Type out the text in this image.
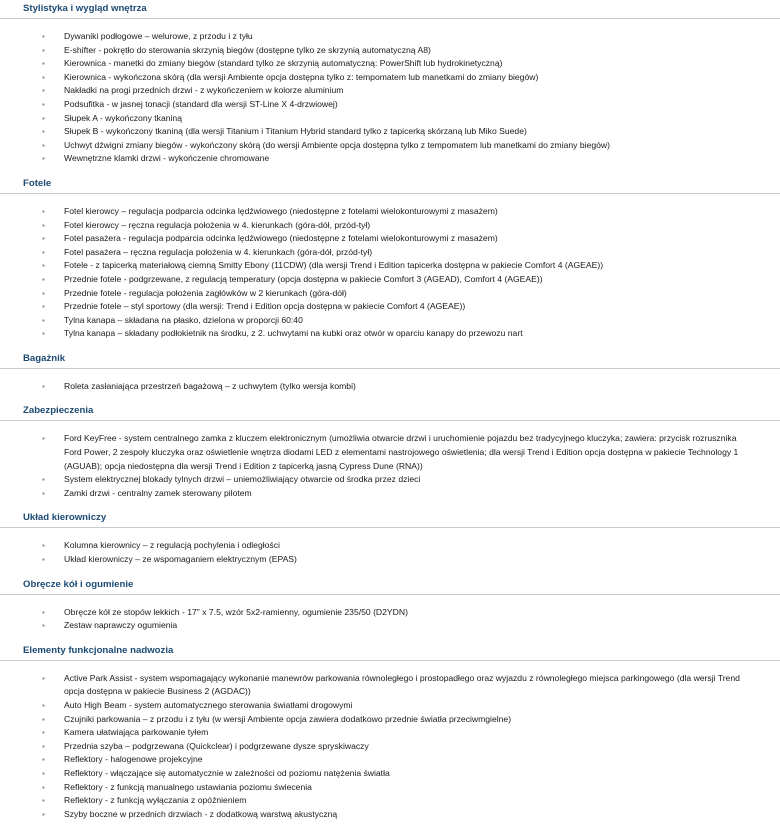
Stylistyka i wygląd wnętrza
▪ Dywaniki podłogowe – welurowe, z przodu i z tyłu
▪ E-shifter - pokrętło do sterowania skrzynią biegów (dostępne tylko ze skrzynią automatyczną A8)
▪ Kierownica - manetki do zmiany biegów (standard tylko ze skrzynią automatyczną: PowerShift lub hydrokinetyczną)
▪ Kierownica - wykończona skórą (dla wersji Ambiente opcja dostępna tylko z: tempomatem lub manetkami do zmiany biegów)
▪ Nakładki na progi przednich drzwi - z wykończeniem w kolorze aluminium
▪ Podsufitka - w jasnej tonacji (standard dla wersji ST-Line X 4-drzwiowej)
▪ Słupek A - wykończony tkaniną
▪ Słupek B - wykończony tkaniną (dla wersji Titanium i Titanium Hybrid standard tylko z tapicerką skórzaną lub Miko Suede)
▪ Uchwyt dźwigni zmiany biegów - wykończony skórą (do wersji Ambiente opcja dostępna tylko z tempomatem lub manetkami do zmiany biegów)
▪ Wewnętrzne klamki drzwi - wykończenie chromowane
Fotele
▪ Fotel kierowcy – regulacja podparcia odcinka lędźwiowego (niedostępne z fotelami wielokonturowymi z masażem)
▪ Fotel kierowcy – ręczna regulacja położenia w 4. kierunkach (góra-dół, przód-tył)
▪ Fotel pasażera - regulacja podparcia odcinka lędźwiowego (niedostępne z fotelami wielokonturowymi z masażem)
▪ Fotel pasażera – ręczna regulacja położenia w 4. kierunkach (góra-dół, przód-tył)
▪ Fotele - z tapicerką materiałową ciemną Smitty Ebony (11CDW) (dla wersji Trend i Edition tapicerka dostępna w pakiecie Comfort 4 (AGEAE))
▪ Przednie fotele - podgrzewane, z regulacją temperatury (opcja dostępna w pakiecie Comfort 3 (AGEAD), Comfort 4 (AGEAE))
▪ Przednie fotele - regulacja położenia zagłówków w 2 kierunkach (góra-dół)
▪ Przednie fotele – styl sportowy (dla wersji: Trend i Edition opcja dostępna w pakiecie Comfort 4 (AGEAE))
▪ Tylna kanapa – składana na płasko, dzielona w proporcji 60:40
▪ Tylna kanapa – składany podłokietnik na środku, z 2. uchwytami na kubki oraz otwór w oparciu kanapy do przewozu nart
Bagażnik
▪ Roleta zasłaniająca przestrzeń bagażową – z uchwytem (tylko wersja kombi)
Zabezpieczenia
▪ Ford KeyFree - system centralnego zamka z kluczem elektronicznym (umożliwia otwarcie drzwi i uruchomienie pojazdu bez tradycyjnego kluczyka; zawiera: przycisk rozrusznika Ford Power, 2 zespoły kluczyka oraz oświetlenie wnętrza diodami LED z elementami nastrojowego oświetlenia; dla wersji Trend i Edition opcja dostępna w pakiecie Technology 1 (AGUAB); opcja niedostępna dla wersji Trend i Edition z tapicerką jasną Cypress Dune (RNA))
▪ System elektrycznej blokady tylnych drzwi – uniemożliwiający otwarcie od środka przez dzieci
▪ Zamki drzwi - centralny zamek sterowany pilotem
Układ kierowniczy
▪ Kolumna kierownicy – z regulacją pochylenia i odległości
▪ Układ kierowniczy – ze wspomaganiem elektrycznym (EPAS)
Obręcze kół i ogumienie
▪ Obręcze kół ze stopów lekkich - 17" x 7.5, wzór 5x2-ramienny, ogumienie 235/50 (D2YDN)
▪ Zestaw naprawczy ogumienia
Elementy funkcjonalne nadwozia
▪ Active Park Assist - system wspomagający wykonanie manewrów parkowania równoległego i prostopadłego oraz wyjazdu z równoległego miejsca parkingowego (dla wersji Trend opcja dostępna w pakiecie Business 2 (AGDAC))
▪ Auto High Beam - system automatycznego sterowania światłami drogowymi
▪ Czujniki parkowania – z przodu i z tyłu (w wersji Ambiente opcja zawiera dodatkowo przednie światła przeciwmgielne)
▪ Kamera ułatwiająca parkowanie tyłem
▪ Przednia szyba – podgrzewana (Quickclear) i podgrzewane dysze spryskiwaczy
▪ Reflektory - halogenowe projekcyjne
▪ Reflektory - włączające się automatycznie w zależności od poziomu natężenia światła
▪ Reflektory - z funkcją manualnego ustawiania poziomu świecenia
▪ Reflektory - z funkcją wyłączania z opóźnieniem
▪ Szyby boczne w przednich drzwiach - z dodatkową warstwą akustyczną
